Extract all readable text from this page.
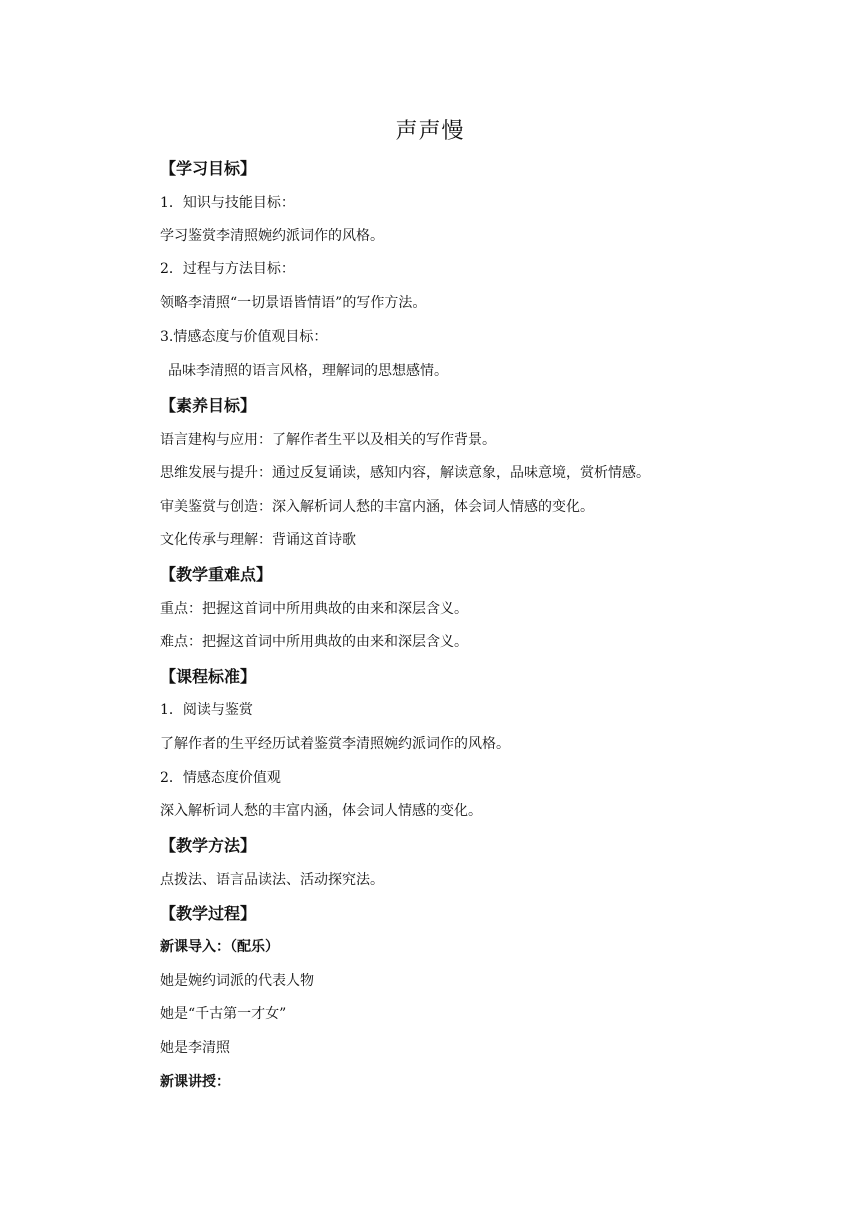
声声慢
【学习目标】
1．知识与技能目标：
学习鉴赏李清照婉约派词作的风格。
2．过程与方法目标：
领略李清照“一切景语皆情语”的写作方法。
3.情感态度与价值观目标：
品味李清照的语言风格，理解词的思想感情。
【素养目标】
语言建构与应用：了解作者生平以及相关的写作背景。
思维发展与提升：通过反复诵读，感知内容，解读意象，品味意境，赏析情感。
审美鉴赏与创造：深入解析词人愁的丰富内涵，体会词人情感的变化。
文化传承与理解：背诵这首诗歌
【教学重难点】
重点：把握这首词中所用典故的由来和深层含义。
难点：把握这首词中所用典故的由来和深层含义。
【课程标准】
1．阅读与鉴赏
了解作者的生平经历试着鉴赏李清照婉约派词作的风格。
2．情感态度价值观
深入解析词人愁的丰富内涵，体会词人情感的变化。
【教学方法】
点拨法、语言品读法、活动探究法。
【教学过程】
新课导入：（配乐）
她是婉约词派的代表人物
她是“千古第一才女”
她是李清照
新课讲授：
